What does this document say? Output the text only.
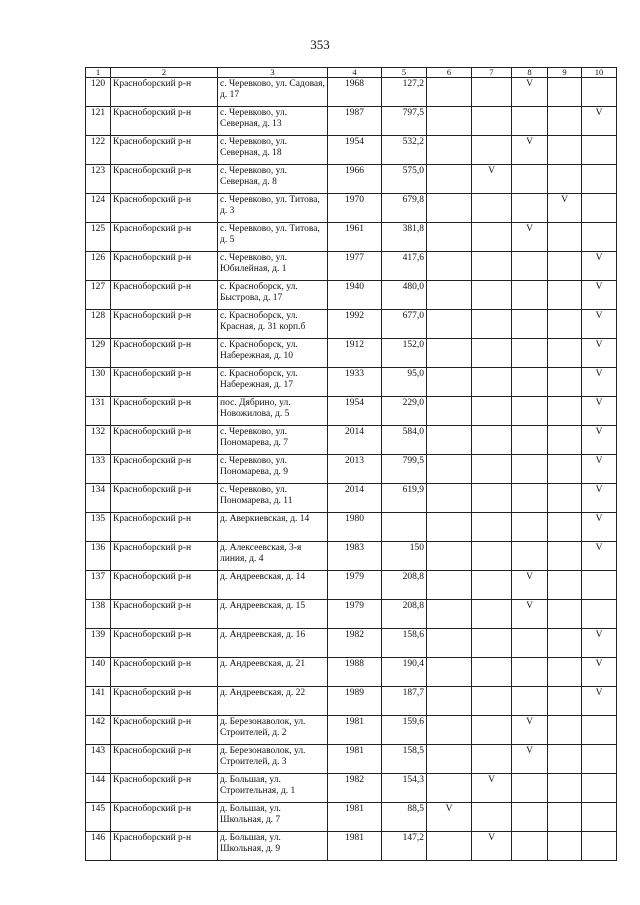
353
1	2	3	4	5	6	7	8	9	10
120	Красноборский р-н	с. Черевково, ул. Садовая, д. 17	1968	127,2			V		
121	Красноборский р-н	с. Черевково, ул. Северная, д. 13	1987	797,5					V
122	Красноборский р-н	с. Черевково, ул. Северная, д. 18	1954	532,2			V		
123	Красноборский р-н	с. Черевково, ул. Северная, д. 8	1966	575,0		V			
124	Красноборский р-н	с. Черевково, ул. Титова, д. 3	1970	679,8				V	
125	Красноборский р-н	с. Черевково, ул. Титова, д. 5	1961	381,8			V		
126	Красноборский р-н	с. Черевково, ул. Юбилейная, д. 1	1977	417,6					V
127	Красноборский р-н	с. Красноборск, ул. Быстрова, д. 17	1940	480,0					V
128	Красноборский р-н	с. Красноборск, ул. Красная, д. 31 корп.б	1992	677,0					V
129	Красноборский р-н	с. Красноборск, ул. Набережная, д. 10	1912	152,0					V
130	Красноборский р-н	с. Красноборск, ул. Набережная, д. 17	1933	95,0					V
131	Красноборский р-н	пос. Дябрино, ул. Новожилова, д. 5	1954	229,0					V
132	Красноборский р-н	с. Черевково, ул. Пономарева, д. 7	2014	584,0					V
133	Красноборский р-н	с. Черевково, ул. Пономарева, д. 9	2013	799,5					V
134	Красноборский р-н	с. Черевково, ул. Пономарева, д. 11	2014	619,9					V
135	Красноборский р-н	д. Аверкиевская, д. 14	1980						V
136	Красноборский р-н	д. Алексеевская, 3-я линия, д. 4	1983	150					V
137	Красноборский р-н	д. Андреевская, д. 14	1979	208,8			V		
138	Красноборский р-н	д. Андреевская, д. 15	1979	208,8			V		
139	Красноборский р-н	д. Андреевская, д. 16	1982	158,6					V
140	Красноборский р-н	д. Андреевская, д. 21	1988	190,4					V
141	Красноборский р-н	д. Андреевская, д. 22	1989	187,7					V
142	Красноборский р-н	д. Березонаволок, ул. Строителей, д. 2	1981	159,6			V		
143	Красноборский р-н	д. Березонаволок, ул. Строителей, д. 3	1981	158,5			V		
144	Красноборский р-н	д. Большая, ул. Строительная, д. 1	1982	154,3		V			
145	Красноборский р-н	д. Большая, ул. Школьная, д. 7	1981	88,5	V				
146	Красноборский р-н	д. Большая, ул. Школьная, д. 9	1981	147,2		V			
